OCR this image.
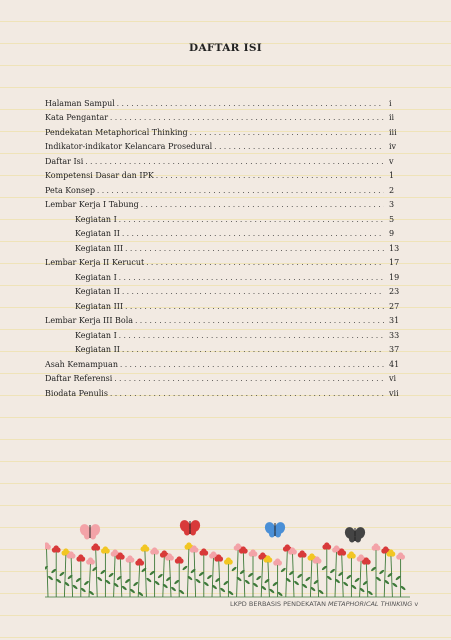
DAFTAR ISI
Halaman Sampul . . .	i
Kata Pengantar . . .	ii
Pendekatan Metaphorical Thinking . . .	iii
Indikator-indikator Kelancara Prosedural . . .	iv
Daftar Isi . . .	v
Kompetensi Dasar dan IPK . . .	1
Peta Konsep . . .	2
Lembar Kerja I Tabung . . .	3
Kegiatan I . . .	5
Kegiatan II . . .	9
Kegiatan III . . .	13
Lembar Kerja II Kerucut . . .	17
Kegiatan I . . .	19
Kegiatan II . . .	23
Kegiatan III . . .	27
Lembar Kerja III Bola . . .	31
Kegiatan I . . .	33
Kegiatan II . . .	37
Asah Kemampuan . . .	41
Daftar Referensi . . .	vi
Biodata Penulis . . .	vii
LKPD BERBASIS PENDEKATAN METAPHORICAL THINKING v
